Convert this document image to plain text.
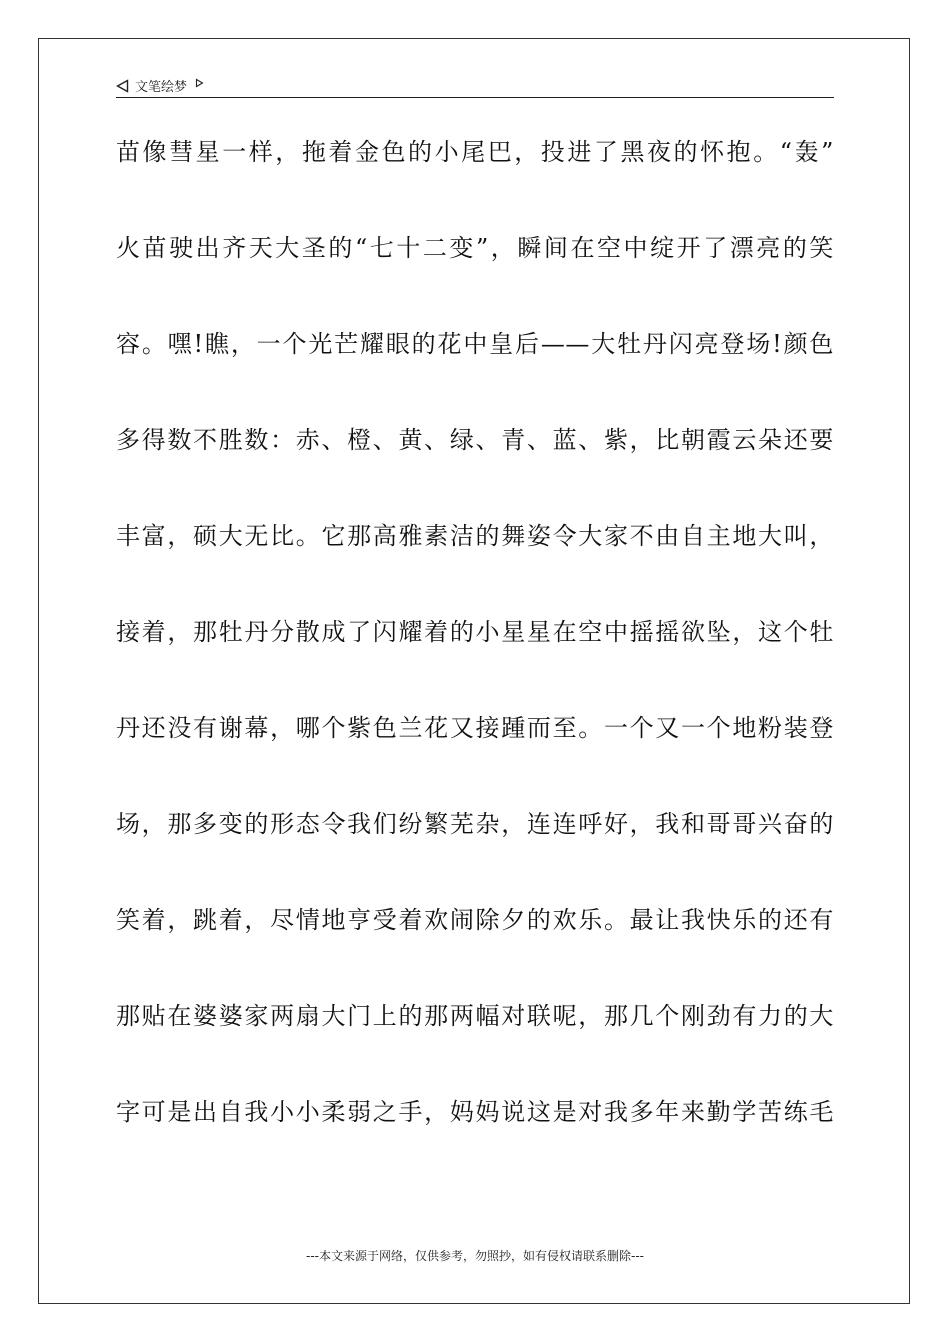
文笔绘梦
苗像彗星一样，拖着金色的小尾巴，投进了黑夜的怀抱。“轰”
火苗驶出齐天大圣的“七十二变”，瞬间在空中绽开了漂亮的笑
容。嘿!瞧，一个光芒耀眼的花中皇后——大牡丹闪亮登场!颜色
多得数不胜数：赤、橙、黄、绿、青、蓝、紫，比朝霞云朵还要
丰富，硕大无比。它那高雅素洁的舞姿令大家不由自主地大叫，
接着，那牡丹分散成了闪耀着的小星星在空中摇摇欲坠，这个牡
丹还没有谢幕，哪个紫色兰花又接踵而至。一个又一个地粉装登
场，那多变的形态令我们纷繁芜杂，连连呼好，我和哥哥兴奋的
笑着，跳着，尽情地亨受着欢闹除夕的欢乐。最让我快乐的还有
那贴在婆婆家两扇大门上的那两幅对联呢，那几个刚劲有力的大
字可是出自我小小柔弱之手，妈妈说这是对我多年来勤学苦练毛
---本文来源于网络，仅供参考，勿照抄，如有侵权请联系删除---
